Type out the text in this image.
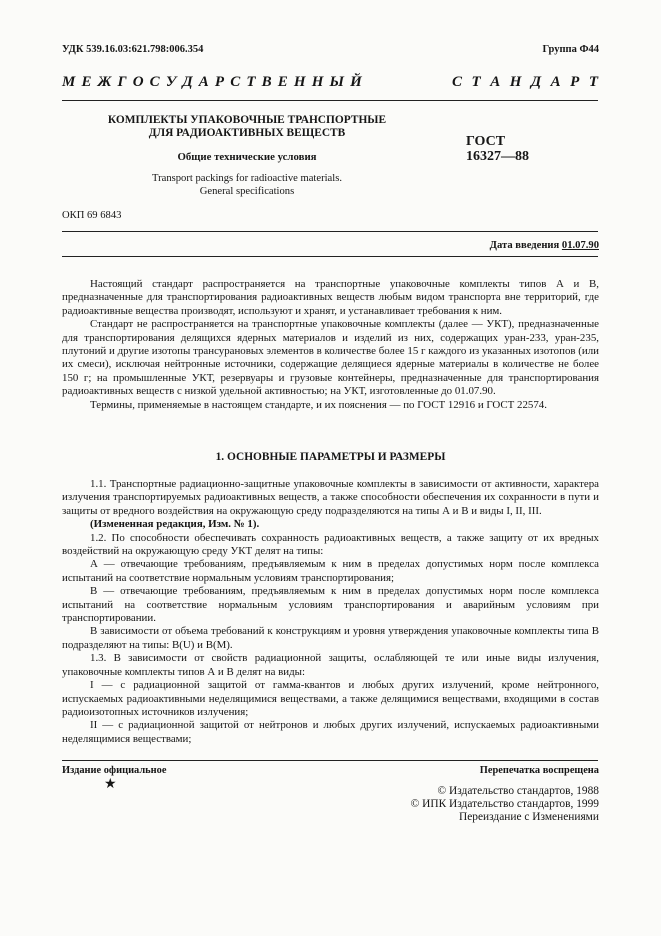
УДК 539.16.03:621.798:006.354	Группа Ф44
М Е Ж Г О С У Д А Р С Т В Е Н Н Ы Й	С Т А Н Д А Р Т
КОМПЛЕКТЫ УПАКОВОЧНЫЕ ТРАНСПОРТНЫЕ
ДЛЯ РАДИОАКТИВНЫХ ВЕЩЕСТВ
ГОСТ
16327—88
Общие технические условия
Transport packings for radioactive materials.
General specifications
ОКП 69 6843
Дата введения 01.07.90

Настоящий стандарт распространяется на транспортные упаковочные комплекты типов А и В, предназначенные для транспортирования радиоактивных веществ любым видом транспорта вне территорий, где радиоактивные вещества производят, используют и хранят, и устанавливает требования к ним.

Стандарт не распространяется на транспортные упаковочные комплекты (далее — УКТ), предназначенные для транспортирования делящихся ядерных материалов и изделий из них, содержащих уран-233, уран-235, плутоний и другие изотопы трансурановых элементов в количестве более 15 г каждого из указанных изотопов (или их смеси), исключая нейтронные источники, содержащие делящиеся ядерные материалы в количестве не более 150 г; на промышленные УКТ, резервуары и грузовые контейнеры, предназначенные для транспортирования радиоактивных веществ с низкой удельной активностью; на УКТ, изготовленные до 01.07.90.

Термины, применяемые в настоящем стандарте, и их пояснения — по ГОСТ 12916 и ГОСТ 22574.

1. ОСНОВНЫЕ ПАРАМЕТРЫ И РАЗМЕРЫ

1.1. Транспортные радиационно-защитные упаковочные комплекты в зависимости от активности, характера излучения транспортируемых радиоактивных веществ, а также способности обеспечения их сохранности в пути и защиты от вредного воздействия на окружающую среду подразделяются на типы А и В и виды I, II, III.

(Измененная редакция, Изм. № 1).

1.2. По способности обеспечивать сохранность радиоактивных веществ, а также защиту от их вредных воздействий на окружающую среду УКТ делят на типы:

А — отвечающие требованиям, предъявляемым к ним в пределах допустимых норм после комплекса испытаний на соответствие нормальным условиям транспортирования;

В — отвечающие требованиям, предъявляемым к ним в пределах допустимых норм после комплекса испытаний на соответствие нормальным условиям транспортирования и аварийным условиям при транспортировании.

В зависимости от объема требований к конструкциям и уровня утверждения упаковочные комплекты типа В подразделяют на типы: В(U) и В(М).

1.3. В зависимости от свойств радиационной защиты, ослабляющей те или иные виды излучения, упаковочные комплекты типов А и В делят на виды:

I — с радиационной защитой от гамма-квантов и любых других излучений, кроме нейтронного, испускаемых радиоактивными неделящимися веществами, а также делящимися веществами, входящими в состав радиоизотопных источников излучения;

II — с радиационной защитой от нейтронов и любых других излучений, испускаемых радиоактивными неделящимися веществами;

Издание официальное	Перепечатка воспрещена
★	© Издательство стандартов, 1988
© ИПК Издательство стандартов, 1999
Переиздание с Изменениями
